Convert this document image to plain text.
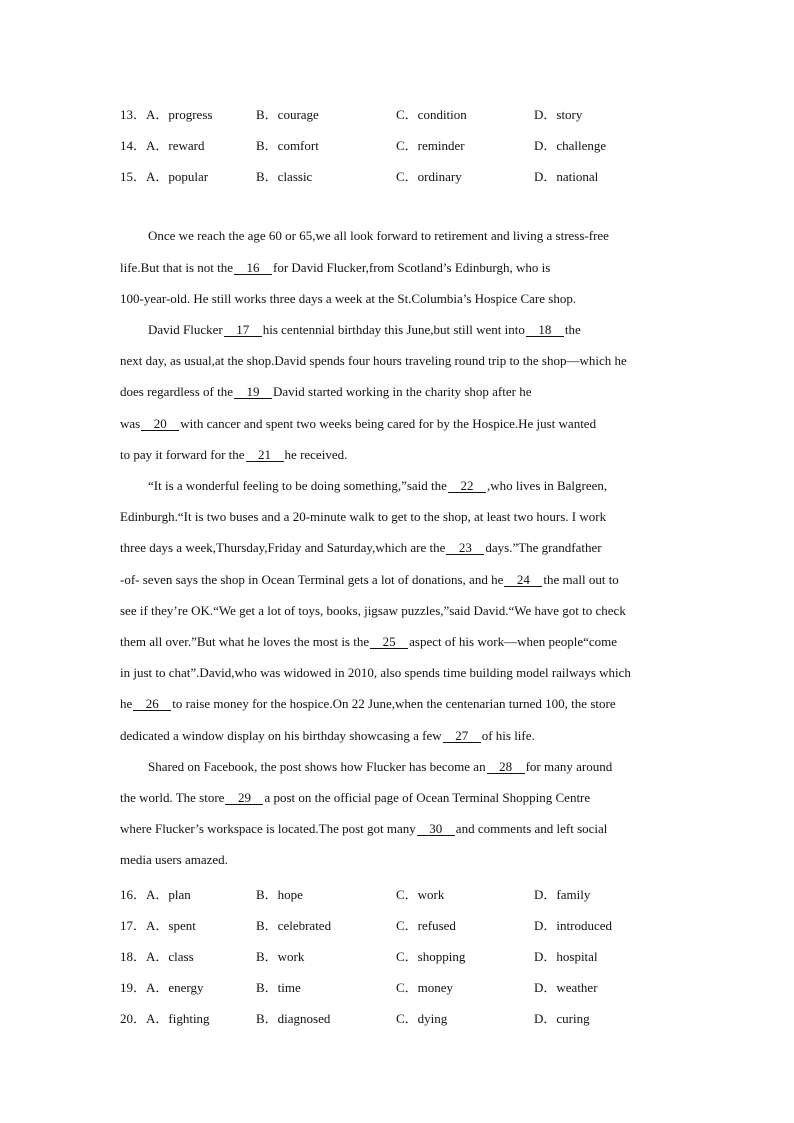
13．A．progress	B．courage	C．condition	D．story
14．A．reward	B．comfort	C．reminder	D．challenge
15．A．popular	B．classic	C．ordinary	D．national
Once we reach the age 60 or 65,we all look forward to retirement and living a stress-free
life.But that is not the 16 for David Flucker,from Scotland’s Edinburgh, who is
100-year-old. He still works three days a week at the St.Columbia’s Hospice Care shop.
David Flucker 17 his centennial birthday this June,but still went into 18 the
next day, as usual,at the shop.David spends four hours traveling round trip to the shop—which he
does regardless of the 19 David started working in the charity shop after he
was 20 with cancer and spent two weeks being cared for by the Hospice.He just wanted
to pay it forward for the 21 he received.
“It is a wonderful feeling to be doing something,”said the 22 ,who lives in Balgreen,
Edinburgh.“It is two buses and a 20-minute walk to get to the shop, at least two hours. I work
three days a week,Thursday,Friday and Saturday,which are the 23 days.”The grandfather
-of- seven says the shop in Ocean Terminal gets a lot of donations, and he 24 the mall out to
see if they’re OK.“We get a lot of toys, books, jigsaw puzzles,”said David.“We have got to check
them all over.”But what he loves the most is the 25 aspect of his work—when people“come
in just to chat”.David,who was widowed in 2010, also spends time building model railways which
he 26 to raise money for the hospice.On 22 June,when the centenarian turned 100, the store
dedicated a window display on his birthday showcasing a few 27 of his life.
Shared on Facebook, the post shows how Flucker has become an 28 for many around
the world. The store 29 a post on the official page of Ocean Terminal Shopping Centre
where Flucker’s workspace is located.The post got many 30 and comments and left social
media users amazed.
16．A．plan	B．hope	C．work	D．family
17．A．spent	B．celebrated	C．refused	D．introduced
18．A．class	B．work	C．shopping	D．hospital
19．A．energy	B．time	C．money	D．weather
20．A．fighting	B．diagnosed	C．dying	D．curing
